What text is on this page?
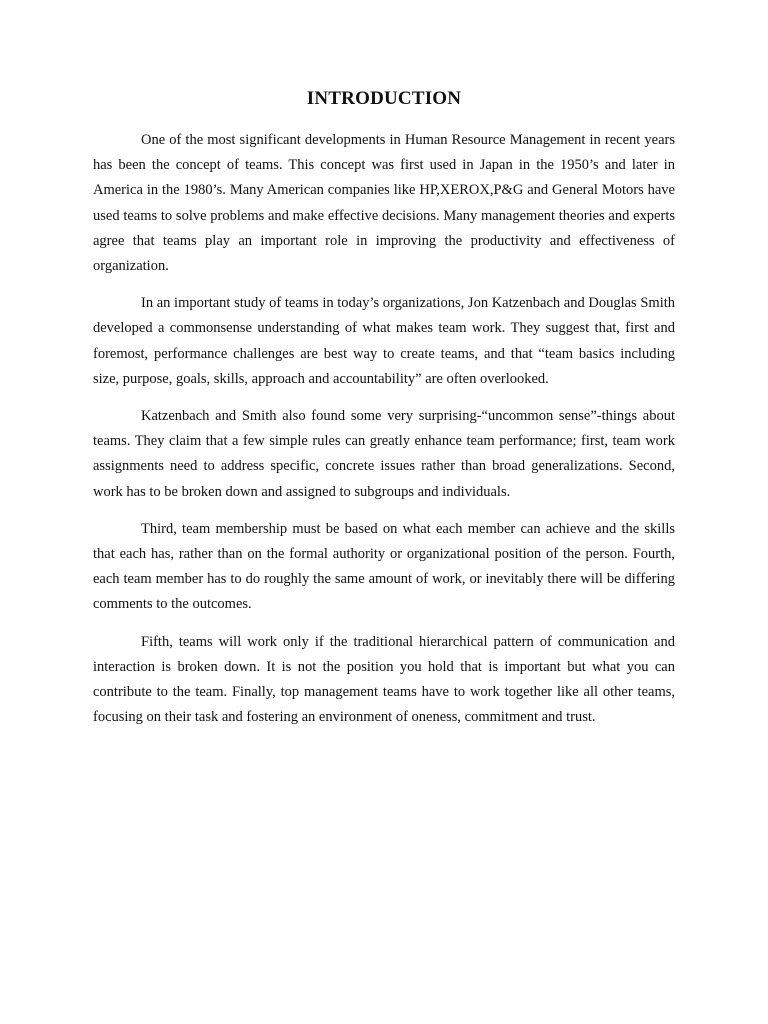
INTRODUCTION

One of the most significant developments in Human Resource Management in recent years has been the concept of teams. This concept was first used in Japan in the 1950’s and later in America in the 1980’s. Many American companies like HP,XEROX,P&G and General Motors have used teams to solve problems and make effective decisions. Many management theories and experts agree that teams play an important role in improving the productivity and effectiveness of organization.

In an important study of teams in today’s organizations, Jon Katzenbach and Douglas Smith developed a commonsense understanding of what makes team work. They suggest that, first and foremost, performance challenges are best way to create teams, and that “team basics including size, purpose, goals, skills, approach and accountability” are often overlooked.

Katzenbach and Smith also found some very surprising-“uncommon sense”-things about teams. They claim that a few simple rules can greatly enhance team performance; first, team work assignments need to address specific, concrete issues rather than broad generalizations. Second, work has to be broken down and assigned to subgroups and individuals.

Third, team membership must be based on what each member can achieve and the skills that each has, rather than on the formal authority or organizational position of the person. Fourth, each team member has to do roughly the same amount of work, or inevitably there will be differing comments to the outcomes.

Fifth, teams will work only if the traditional hierarchical pattern of communication and interaction is broken down. It is not the position you hold that is important but what you can contribute to the team. Finally, top management teams have to work together like all other teams, focusing on their task and fostering an environment of oneness, commitment and trust.
